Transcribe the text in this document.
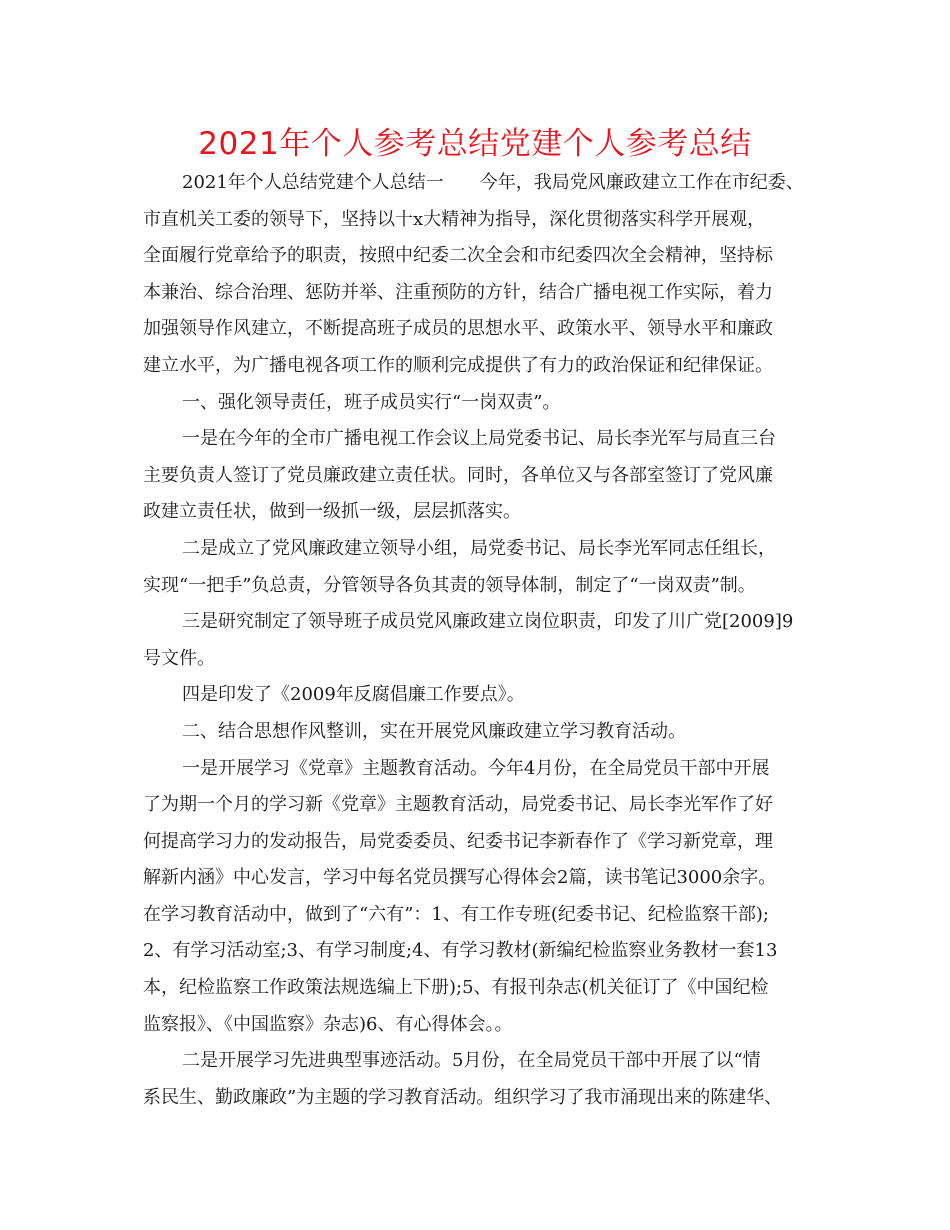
2021年个人参考总结党建个人参考总结
2021年个人总结党建个人总结一　　今年，我局党风廉政建立工作在市纪委、
市直机关工委的领导下，坚持以十x大精神为指导，深化贯彻落实科学开展观，
全面履行党章给予的职责，按照中纪委二次全会和市纪委四次全会精神，坚持标
本兼治、综合治理、惩防并举、注重预防的方针，结合广播电视工作实际，着力
加强领导作风建立，不断提高班子成员的思想水平、政策水平、领导水平和廉政
建立水平，为广播电视各项工作的顺利完成提供了有力的政治保证和纪律保证。
一、强化领导责任，班子成员实行“一岗双责”。
一是在今年的全市广播电视工作会议上局党委书记、局长李光军与局直三台
主要负责人签订了党员廉政建立责任状。同时，各单位又与各部室签订了党风廉
政建立责任状，做到一级抓一级，层层抓落实。
二是成立了党风廉政建立领导小组，局党委书记、局长李光军同志任组长，
实现“一把手”负总责，分管领导各负其责的领导体制，制定了“一岗双责”制。
三是研究制定了领导班子成员党风廉政建立岗位职责，印发了川广党[2009]9
号文件。
四是印发了《2009年反腐倡廉工作要点》。
二、结合思想作风整训，实在开展党风廉政建立学习教育活动。
一是开展学习《党章》主题教育活动。今年4月份，在全局党员干部中开展
了为期一个月的学习新《党章》主题教育活动，局党委书记、局长李光军作了好
何提高学习力的发动报告，局党委委员、纪委书记李新春作了《学习新党章，理
解新内涵》中心发言，学习中每名党员撰写心得体会2篇，读书笔记3000余字。
在学习教育活动中，做到了“六有”：1、有工作专班(纪委书记、纪检监察干部);
2、有学习活动室;3、有学习制度;4、有学习教材(新编纪检监察业务教材一套13
本，纪检监察工作政策法规选编上下册);5、有报刊杂志(机关征订了《中国纪检
监察报》、《中国监察》杂志)6、有心得体会。。
二是开展学习先进典型事迹活动。5月份，在全局党员干部中开展了以“情
系民生、勤政廉政”为主题的学习教育活动。组织学习了我市涌现出来的陈建华、
